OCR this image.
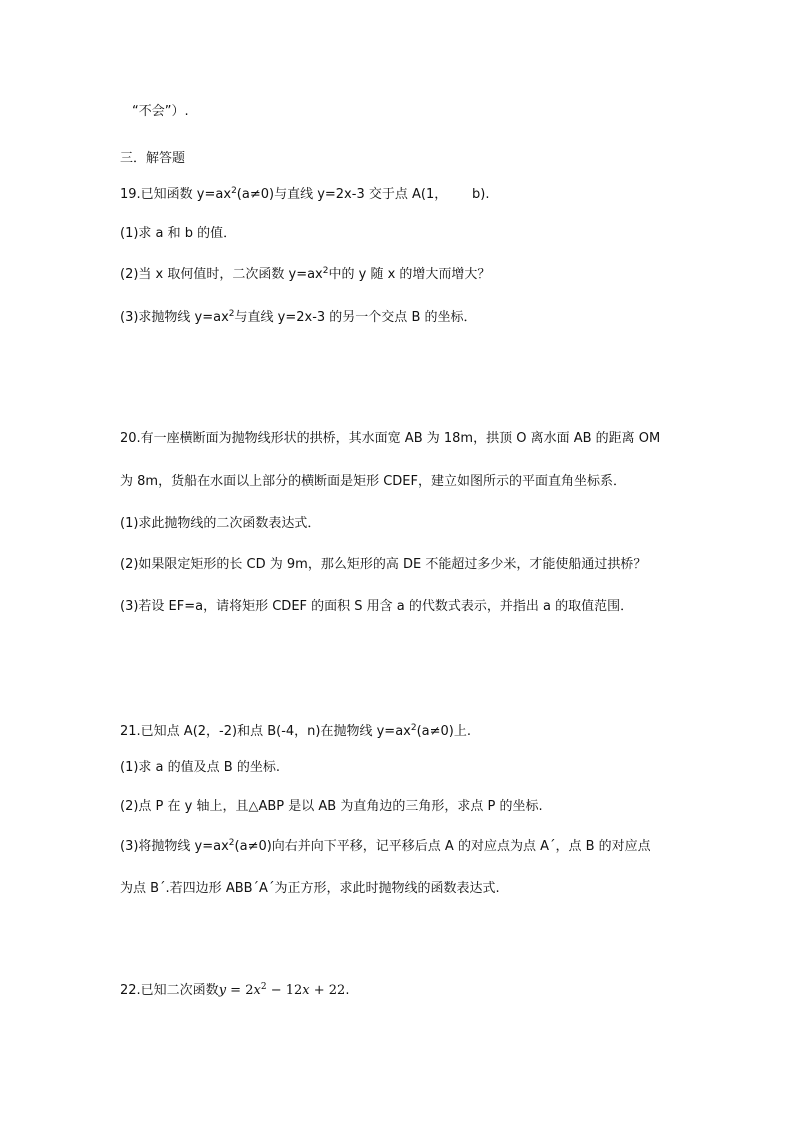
“不会”）.
三．解答题
19.已知函数 $y=ax^2(a\ne 0)$与直线 y=2x-3 交于点 A(1，      b).
(1)求 a 和 b 的值．
(2)当 x 取何值时，二次函数 $y=ax^2$中的 y 随 x 的增大而增大？
(3)求抛物线 $y=ax^2$与直线 y=2x-3 的另一个交点 B 的坐标．
20.有一座横断面为抛物线形状的拱桥，其水面宽 AB 为 18m，拱顶 O 离水面 AB 的距离 OM
为 8m，货船在水面以上部分的横断面是矩形 CDEF，建立如图所示的平面直角坐标系．
(1)求此抛物线的二次函数表达式．
(2)如果限定矩形的长 CD 为 9m，那么矩形的高 DE 不能超过多少米，才能使船通过拱桥？
(3)若设 EF=a，请将矩形 CDEF 的面积 S 用含 a 的代数式表示，并指出 a 的取值范围．
21.已知点 A(2，-2)和点 B(-4，n)在抛物线 $y=ax^2(a\ne 0)$上.
(1)求 a 的值及点 B 的坐标.
(2)点 P 在 y 轴上，且△ABP 是以 AB 为直角边的三角形，求点 P 的坐标.
(3)将抛物线 $y=ax^2(a\ne 0)$向右并向下平移，记平移后点 A 的对应点为点 A´，点 B 的对应点
为点 B´.若四边形 ABB´A´为正方形，求此时抛物线的函数表达式.
22.已知二次函数$y = 2x^2 - 12x + 22$.
